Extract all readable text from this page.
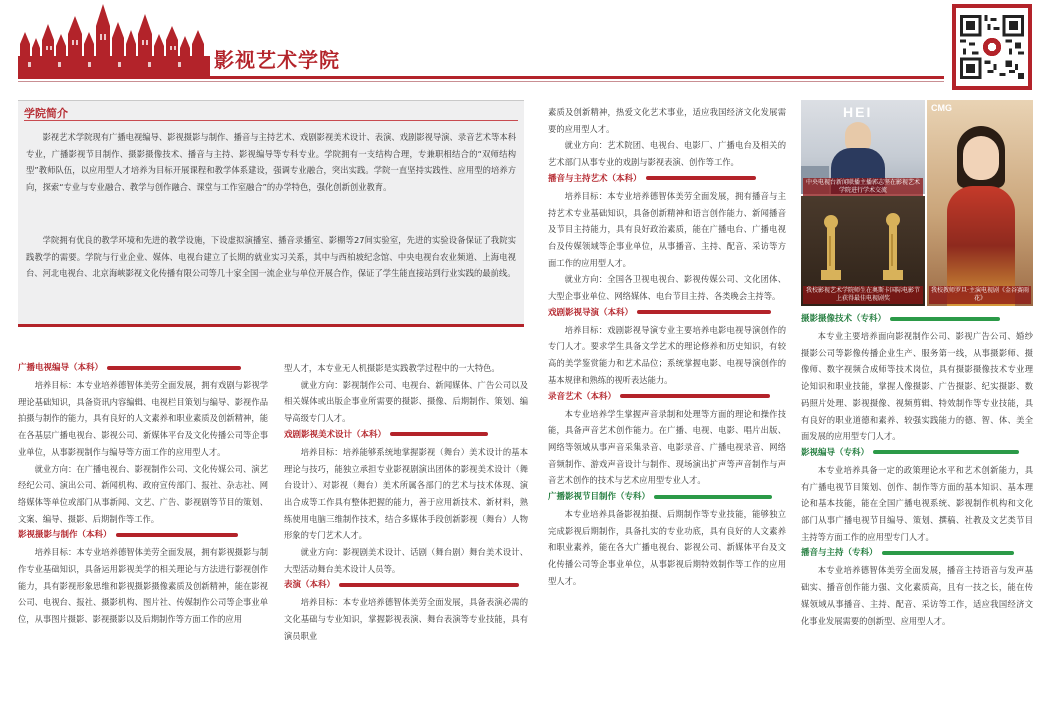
影视艺术学院
学院简介

影视艺术学院现有广播电视编导、影视摄影与制作、播音与主持艺术、戏剧影视美术设计、表演、戏剧影视导演、录音艺术等本科专业，广播影视节目制作、摄影摄像技术、播音与主持、影视编导等专科专业。学院拥有一支结构合理，专兼职相结合的“双师结构型”教师队伍，以应用型人才培养为目标开展课程和教学体系建设，强调专业融合，突出实践。学院一直坚持实践性、应用型的培养方向，探索“专业与专业融合、教学与创作融合、课堂与工作室融合”的办学特色，强化创新创业教育。

学院拥有优良的教学环境和先进的教学设施，下设虚拟演播室、播音录播室、影棚等27间实验室，先进的实验设备保证了我院实践教学的需要。学院与行业企业、媒体、电视台建立了长期的就业实习关系，其中与西柏坡纪念馆、中央电视台农业频道、上海电视台、河北电视台、北京海峡影视文化传播有限公司等几十家全国一流企业与单位开展合作，保证了学生能直接站到行业实践的最前线。

广播电视编导（本科）

培养目标：本专业培养德智体美劳全面发展，拥有戏剧与影视学理论基础知识，具备资讯内容编辑、电视栏目策划与编导、影视作品拍摄与制作的能力，具有良好的人文素养和职业素质及创新精神，能在各基层广播电视台、影视公司、新媒体平台及文化传播公司等企事业单位，从事影视制作与编导等方面工作的应用型人才。

就业方向：在广播电视台、影视制作公司、文化传媒公司、演艺经纪公司、演出公司、新闻机构、政府宣传部门、报社、杂志社、网络媒体等单位或部门从事新闻、文艺、广告、影视剧等节目的策划、文案、编导、摄影、后期制作等工作。

影视摄影与制作（本科）

培养目标：本专业培养德智体美劳全面发展，拥有影视摄影与制作专业基础知识，具备运用影视美学的相关理论与方法进行影视创作能力，具有影视形象思维和影视摄影摄像素质及创新精神，能在影视公司、电视台、报社、摄影机构、图片社、传媒制作公司等企事业单位，从事图片摄影、影视摄影以及后期制作等方面工作的应用

型人才，本专业无人机摄影是实践教学过程中的一大特色。

就业方向：影视制作公司、电视台、新闻媒体、广告公司以及相关媒体或出版企事业所需要的摄影、摄像、后期制作、策划、编导高级专门人才。

戏剧影视美术设计（本科）

培养目标：培养能够系统地掌握影视（舞台）美术设计的基本理论与技巧，能独立承担专业影视剧演出团体的影视美术设计（舞台设计）、对影视（舞台）美术所属各部门的艺术与技术体现、演出合成等工作具有整体把握的能力，善于应用新技术、新材料，熟练使用电脑三维制作技术，结合多媒体手段创新影视（舞台）人物形象的专门艺术人才。

就业方向：影视剧美术设计、话剧（舞台剧）舞台美术设计、大型活动舞台美术设计人员等。

表演（本科）

培养目标：本专业培养德智体美劳全面发展，具备表演必需的文化基础与专业知识，掌握影视表演、舞台表演等专业技能，具有演员职业

素质及创新精神，热爱文化艺术事业，适应我国经济文化发展需要的应用型人才。

就业方向：艺术院团、电视台、电影厂、广播电台及相关的艺术部门从事专业的戏剧与影视表演、创作等工作。

播音与主持艺术（本科）

培养目标：本专业培养德智体美劳全面发展，拥有播音与主持艺术专业基础知识，具备创新精神和语言创作能力、新闻播音及节目主持能力，具有良好政治素质，能在广播电台、广播电视台及传媒领域等企事业单位，从事播音、主持、配音、采访等方面工作的应用型人才。

就业方向：全国各卫视电视台、影视传媒公司、文化团体、大型企事业单位、网络媒体、电台节目主持、各类晚会主持等。

戏剧影视导演（本科）

培养目标：戏剧影视导演专业主要培养电影电视导演创作的专门人才。要求学生具备文学艺术的理论修养和历史知识，有较高的美学鉴赏能力和艺术品位；系统掌握电影、电视导演创作的基本规律和熟练的视听表达能力。

录音艺术（本科）

本专业培养学生掌握声音录制和处理等方面的理论和操作技能，具备声音艺术创作能力。在广播、电视、电影、唱片出版、网络等领域从事声音采集录音、电影录音、广播电视录音、网络音频制作、游戏声音设计与制作、现场演出扩声等声音制作与声音艺术创作的技术与艺术应用型专业人才。

广播影视节目制作（专科）

本专业培养具备影视拍摄、后期制作等专业技能，能够独立完成影视后期制作，具备扎实的专业功底，具有良好的人文素养和职业素养，能在各大广播电视台、影视公司、新媒体平台及文化传播公司等企事业单位，从事影视后期特效制作等工作的应用型人才。

HEI
中央电视台新闻联播主播郭志坚在影视艺术学院进行学术交流
我校影视艺术学院师生在奥斯卡国际电影节上获得最佳电视剧奖
CMG
我校教师罗旦·主演电视剧《金谷赛雨花》
摄影摄像技术（专科）

本专业主要培养面向影视制作公司、影视广告公司、婚纱摄影公司等影像传播企业生产、服务第一线，从事摄影师、摄像师、数字视频合成师等技术岗位，具有摄影摄像技术专业理论知识和职业技能，掌握人像摄影、广告摄影、纪实摄影、数码照片处理、影视摄像、视频剪辑、特效制作等专业技能，具有良好的职业道德和素养、较强实践能力的德、智、体、美全面发展的应用型专门人才。

影视编导（专科）

本专业培养具备一定的政策理论水平和艺术创新能力，具有广播电视节目策划、创作、制作等方面的基本知识、基本理论和基本技能，能在全国广播电视系统、影视制作机构和文化部门从事广播电视节目编导、策划、撰稿、社教及文艺类节目主持等方面工作的应用型专门人才。

播音与主持（专科）

本专业培养德智体美劳全面发展，播音主持语音与发声基础实、播音创作能力强、文化素质高，且有一技之长，能在传媒领域从事播音、主持、配音、采访等工作，适应我国经济文化事业发展需要的创新型、应用型人才。
